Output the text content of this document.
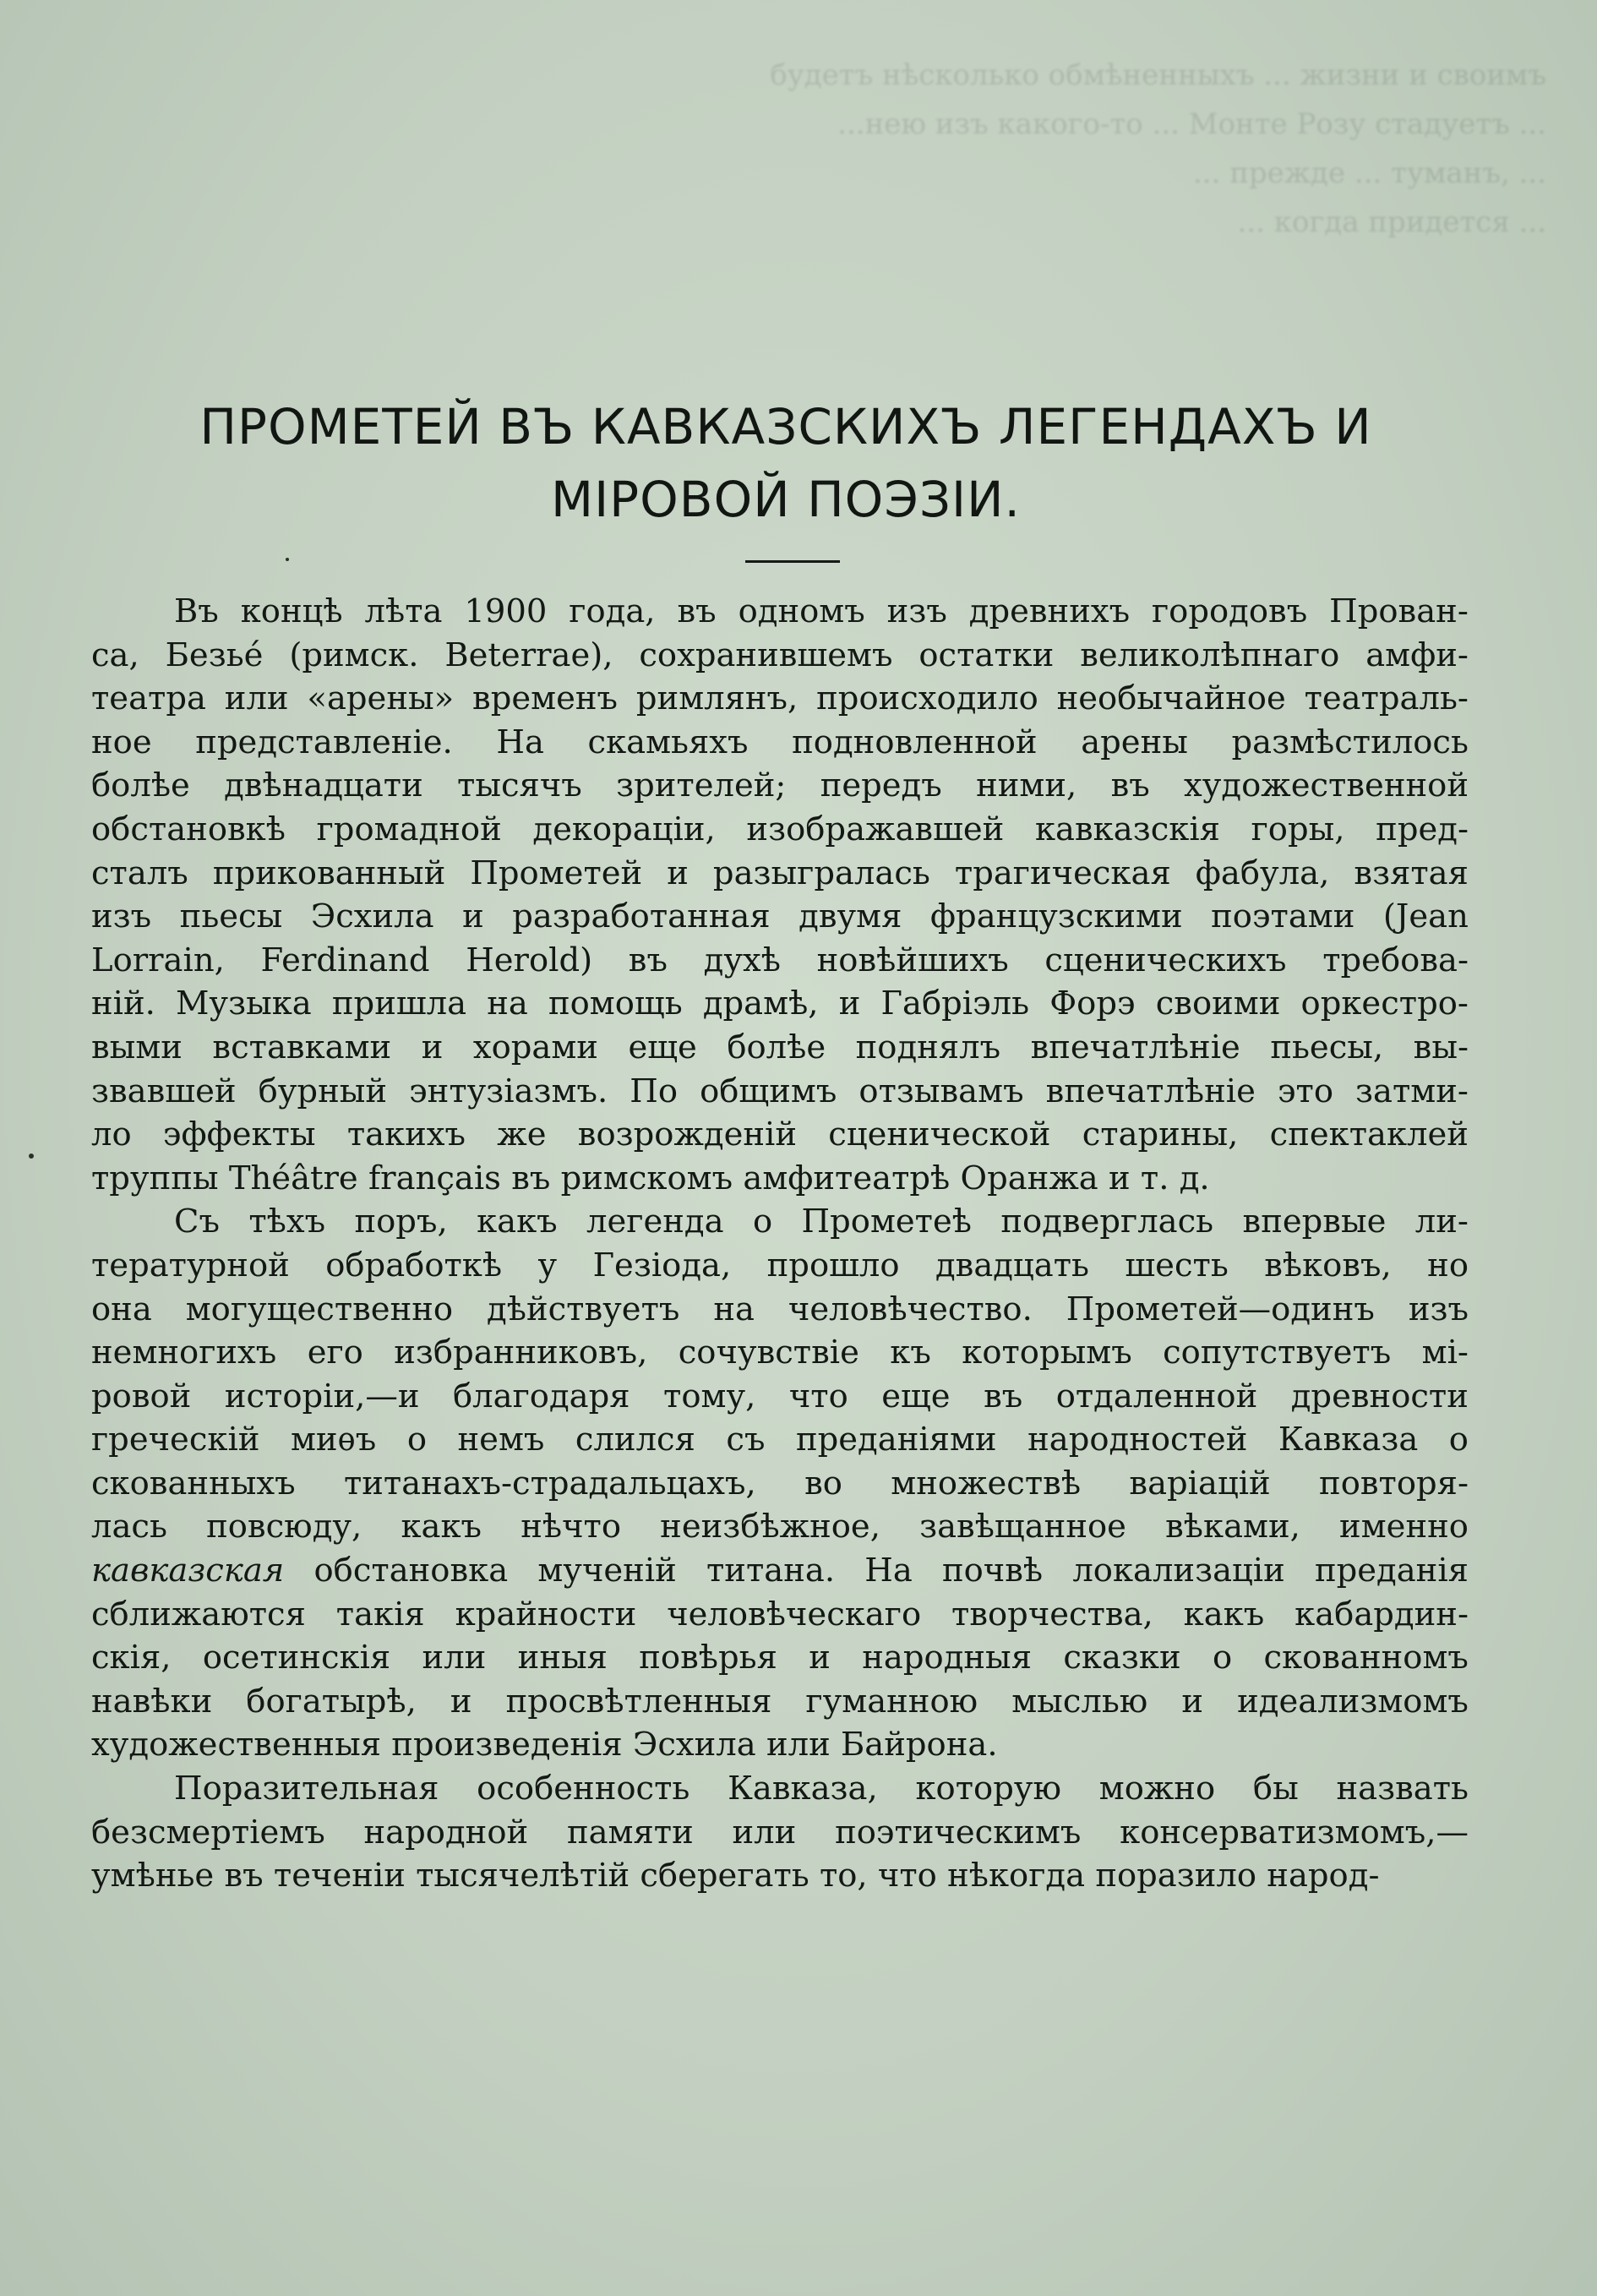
будетъ нѣсколько обмѣненныхъ ... жизни и своимъ
...нею изъ какого-то ... Монте Розу стадуетъ ...
... прежде ... туманъ, ...
... когда придется ...
ПРОМЕТЕЙ ВЪ КАВКАЗСКИХЪ ЛЕГЕНДАХЪ И
МІРОВОЙ ПОЭЗІИ.
Въ концѣ лѣта 1900 года, въ одномъ изъ древнихъ городовъ Прован-
са, Безьé (римск. Beterrae), сохранившемъ остатки великолѣпнаго амфи-
театра или «арены» временъ римлянъ, происходило необычайное театраль-
ное представленіе. На скамьяхъ подновленной арены размѣстилось
болѣе двѣнадцати тысячъ зрителей; передъ ними, въ художественной
обстановкѣ громадной декораціи, изображавшей кавказскія горы, пред-
сталъ прикованный Прометей и разыгралась трагическая фабула, взятая
изъ пьесы Эсхила и разработанная двумя французскими поэтами (Jean
Lorrain, Ferdinand Herold) въ духѣ новѣйшихъ сценическихъ требова-
ній. Музыка пришла на помощь драмѣ, и Габріэль Форэ своими оркестро-
выми вставками и хорами еще болѣе поднялъ впечатлѣніе пьесы, вы-
звавшей бурный энтузіазмъ. По общимъ отзывамъ впечатлѣніе это затми-
ло эффекты такихъ же возрожденій сценической старины, спектаклей
труппы
Théâtre
français
въ
римскомъ
амфитеатрѣ
Оранжа
и
т.
д.
Съ тѣхъ поръ, какъ легенда о Прометеѣ подверглась впервые ли-
тературной обработкѣ у Гезіода, прошло двадцать шесть вѣковъ, но
она могущественно дѣйствуетъ на человѣчество. Прометей—одинъ изъ
немногихъ его избранниковъ, сочувствіе къ которымъ сопутствуетъ мі-
ровой исторіи,—и благодаря тому, что еще въ отдаленной древности
греческій миѳъ о немъ слился съ преданіями народностей Кавказа о
скованныхъ титанахъ-страдальцахъ, во множествѣ варіацій повторя-
лась повсюду, какъ нѣчто неизбѣжное, завѣщанное вѣками, именно
кавказская обстановка мученій титана. На почвѣ локализаціи преданія
сближаются такія крайности человѣческаго творчества, какъ кабардин-
скія, осетинскія или иныя повѣрья и народныя сказки о скованномъ
навѣки богатырѣ, и просвѣтленныя гуманною мыслью и идеализмомъ
художественныя
произведенія
Эсхила
или
Байрона.
Поразительная особенность Кавказа, которую можно бы назвать
безсмертіемъ народной памяти или поэтическимъ консерватизмомъ,—
умѣнье
въ
теченіи
тысячелѣтій
сберегать
то,
что
нѣкогда
поразило
народ-
